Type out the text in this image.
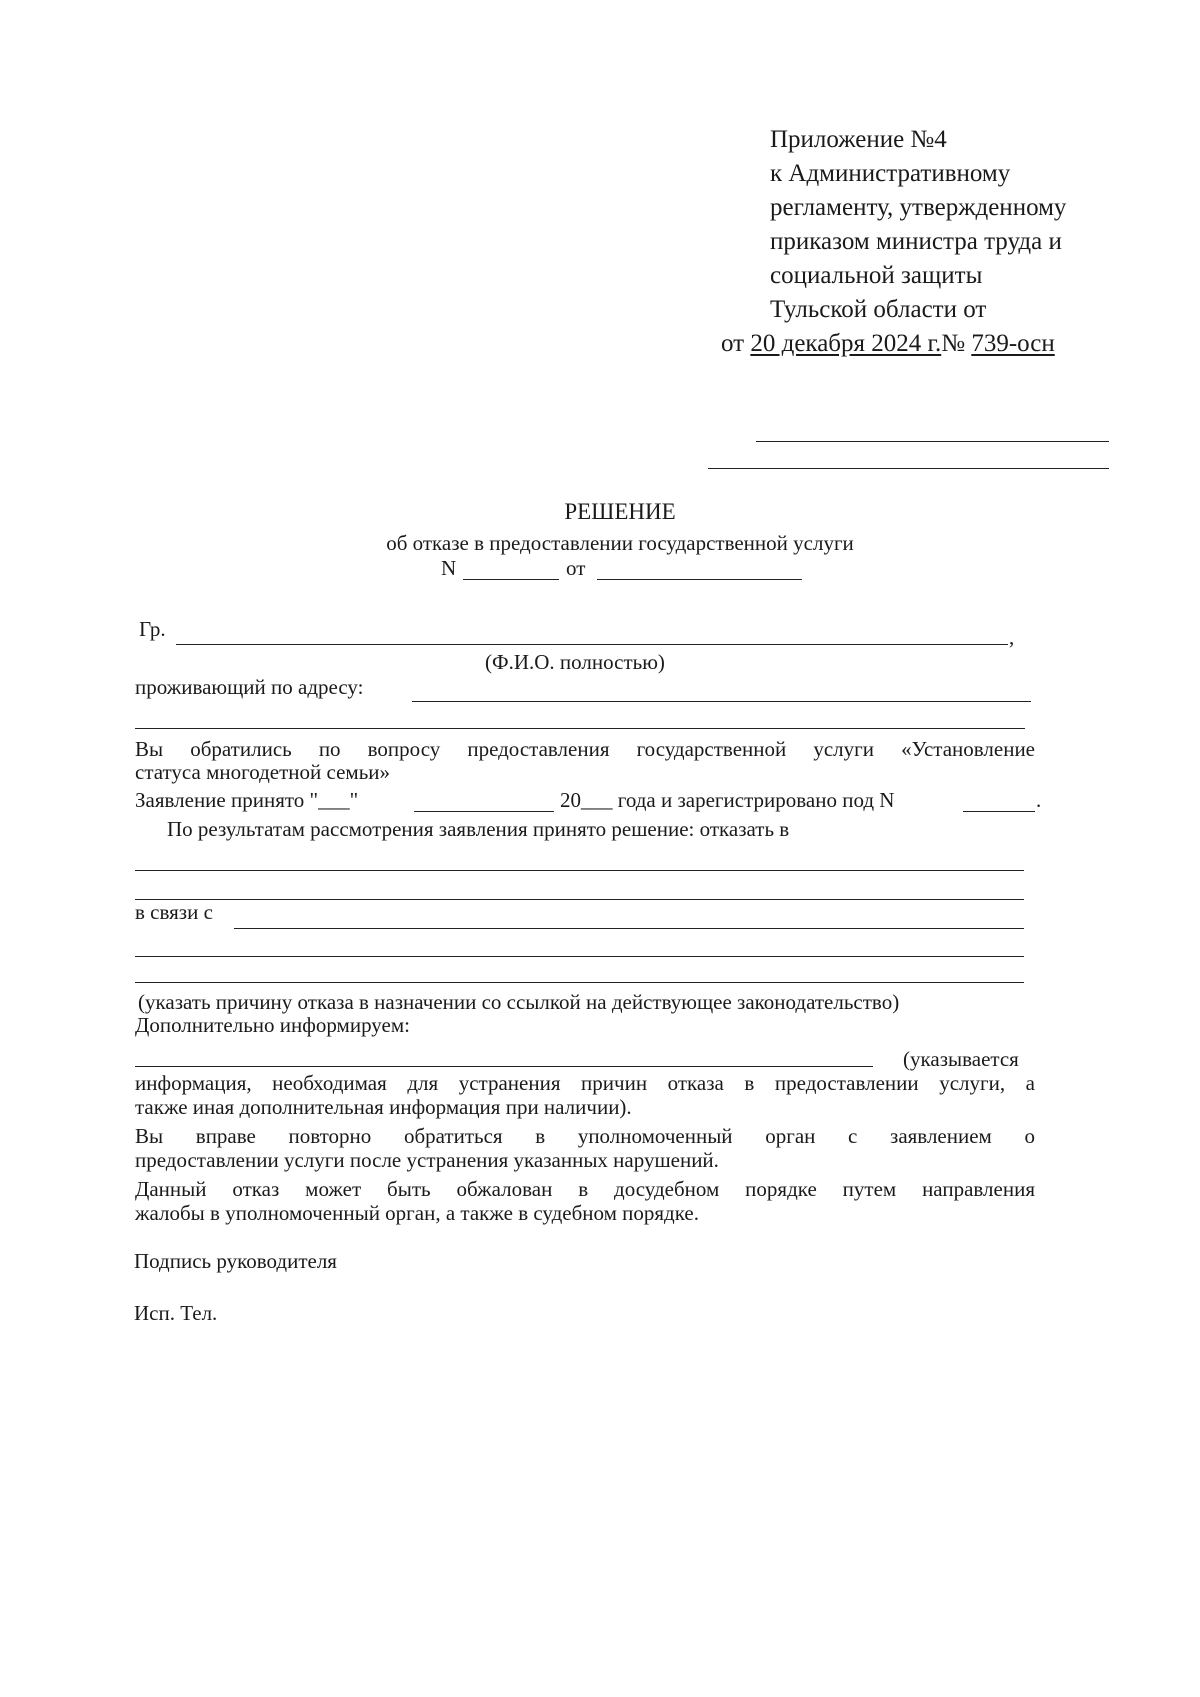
Приложение №4
к Административному
регламенту, утвержденному
приказом министра труда и
социальной защиты
Тульской области от
от 20 декабря 2024 г.№ 739-осн
РЕШЕНИЕ
об отказе в предоставлении государственной услуги
N	от
Гр.	,
(Ф.И.О. полностью)
проживающий по адресу:
Вы обратились по вопросу предоставления государственной услуги «Установление
статуса многодетной семьи»
Заявление принято "___"	20___ года и зарегистрировано под N	.
По результатам рассмотрения заявления принято решение: отказать в
в связи с
(указать причину отказа в назначении со ссылкой на действующее законодательство)
Дополнительно информируем:
(указывается
информация, необходимая для устранения причин отказа в предоставлении услуги, а
также иная дополнительная информация при наличии).
Вы вправе повторно обратиться в уполномоченный орган с заявлением о
предоставлении услуги после устранения указанных нарушений.
Данный отказ может быть обжалован в досудебном порядке путем направления
жалобы в уполномоченный орган, а также в судебном порядке.
Подпись руководителя
Исп. Тел.
